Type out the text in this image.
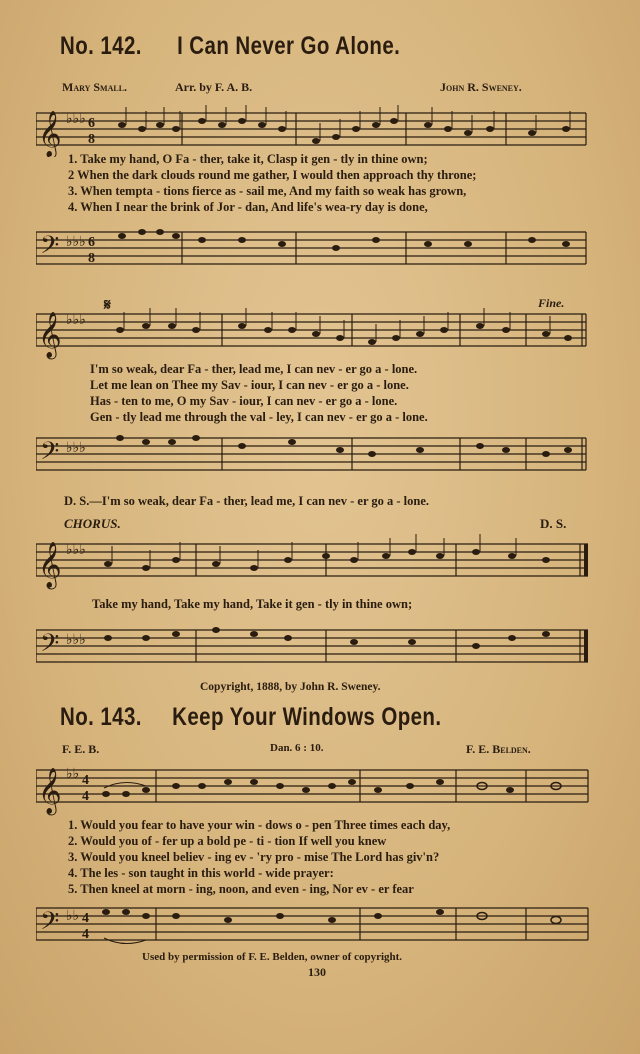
No. 142. I Can Never Go Alone.
Mary Small.	Arr. by F. A. B.	John R. Sweney.
𝄞 ♭♭♭ 6
8
1. Take my hand, O Fa - ther, take it, Clasp it gen - tly in thine own;
2 When the dark clouds round me gather, I would then approach thy throne;
3. When tempta - tions fierce as - sail me, And my faith so weak has grown,
4. When I near the brink of Jor - dan, And life's wea-ry day is done,
𝄢 ♭♭♭ 6
8
𝄞 ♭♭♭
𝄋	Fine.
I'm so weak, dear Fa - ther, lead me, I can nev - er go a - lone.
Let me lean on Thee my Sav - iour, I can nev - er go a - lone.
Has - ten to me, O my Sav - iour, I can nev - er go a - lone.
Gen - tly lead me through the val - ley, I can nev - er go a - lone.
𝄢 ♭♭♭
D. S.—I'm so weak, dear Fa - ther, lead me, I can nev - er go a - lone.
CHORUS.	D. S.
𝄞 ♭♭♭
Take my hand, Take my hand, Take it gen - tly in thine own;
𝄢 ♭♭♭
Copyright, 1888, by John R. Sweney.
No. 143. Keep Your Windows Open.
F. E. B.	Dan. 6 : 10.	F. E. Belden.
𝄞 ♭♭ 4
4
1. Would you fear to have your win - dows o - pen Three times each day,
2. Would you of - fer up a bold pe - ti - tion If well you knew
3. Would you kneel believ - ing ev - 'ry pro - mise The Lord has giv'n?
4. The les - son taught in this world - wide prayer:
5. Then kneel at morn - ing, noon, and even - ing, Nor ev - er fear
𝄢 ♭♭ 4
4
Used by permission of F. E. Belden, owner of copyright.
130
